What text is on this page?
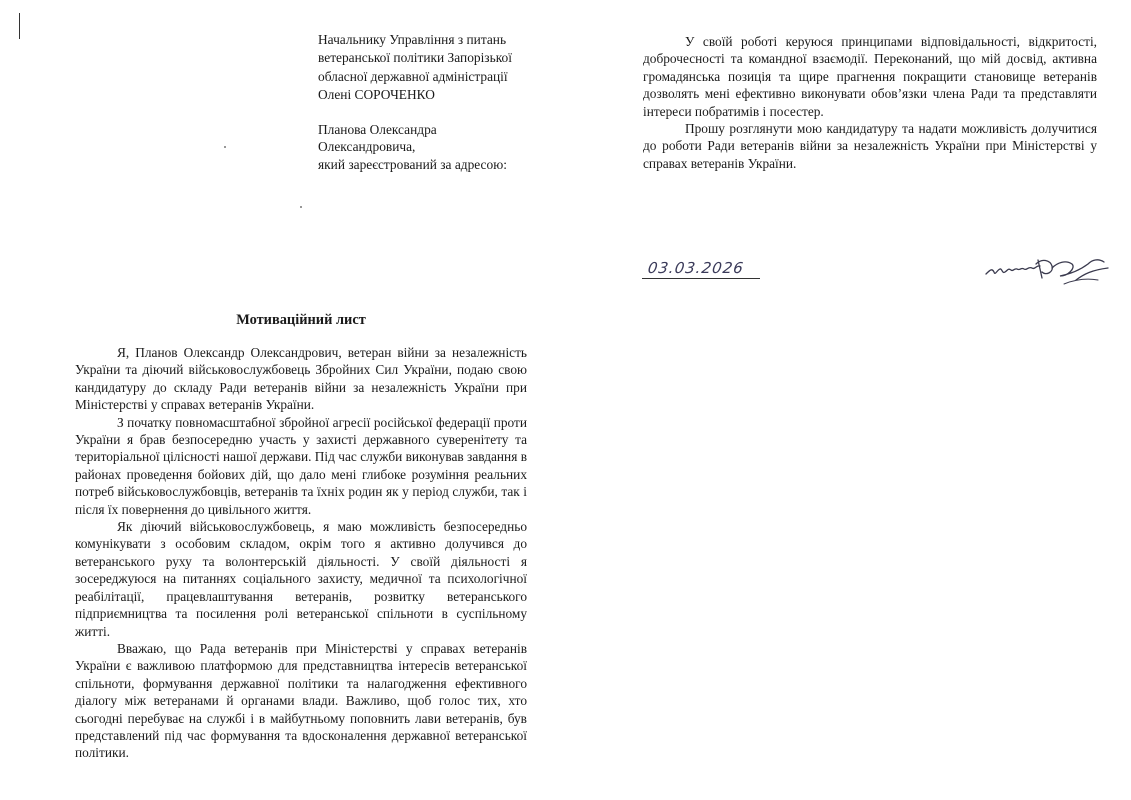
Начальнику Управління з питань
ветеранської політики Запорізької
обласної державної адміністрації
Олені СОРОЧЕНКО
Планова Олександра
Олександровича,
який зареєстрований за адресою:
Мотиваційний лист

Я, Планов Олександр Олександрович, ветеран війни за незалежність України та діючий військовослужбовець Збройних Сил України, подаю свою кандидатуру до складу Ради ветеранів війни за незалежність України при Міністерстві у справах ветеранів України.

З початку повномасштабної збройної агресії російської федерації проти України я брав безпосередню участь у захисті державного суверенітету та територіальної цілісності нашої держави. Під час служби виконував завдання в районах проведення бойових дій, що дало мені глибоке розуміння реальних потреб військовослужбовців, ветеранів та їхніх родин як у період служби, так і після їх повернення до цивільного життя.

Як діючий військовослужбовець, я маю можливість безпосередньо комунікувати з особовим складом, окрім того я активно долучився до ветеранського руху та волонтерській діяльності. У своїй діяльності я зосереджуюся на питаннях соціального захисту, медичної та психологічної реабілітації, працевлаштування ветеранів, розвитку ветеранського підприємництва та посилення ролі ветеранської спільноти в суспільному житті.

Вважаю, що Рада ветеранів при Міністерстві у справах ветеранів України є важливою платформою для представництва інтересів ветеранської спільноти, формування державної політики та налагодження ефективного діалогу між ветеранами й органами влади. Важливо, щоб голос тих, хто сьогодні перебуває на службі і в майбутньому поповнить лави ветеранів, був представлений під час формування та вдосконалення державної ветеранської політики.

У своїй роботі керуюся принципами відповідальності, відкритості, доброчесності та командної взаємодії. Переконаний, що мій досвід, активна громадянська позиція та щире прагнення покращити становище ветеранів дозволять мені ефективно виконувати обов’язки члена Ради та представляти інтереси побратимів і посестер.

Прошу розглянути мою кандидатуру та надати можливість долучитися до роботи Ради ветеранів війни за незалежність України при Міністерстві у справах ветеранів України.

03.03.2026
